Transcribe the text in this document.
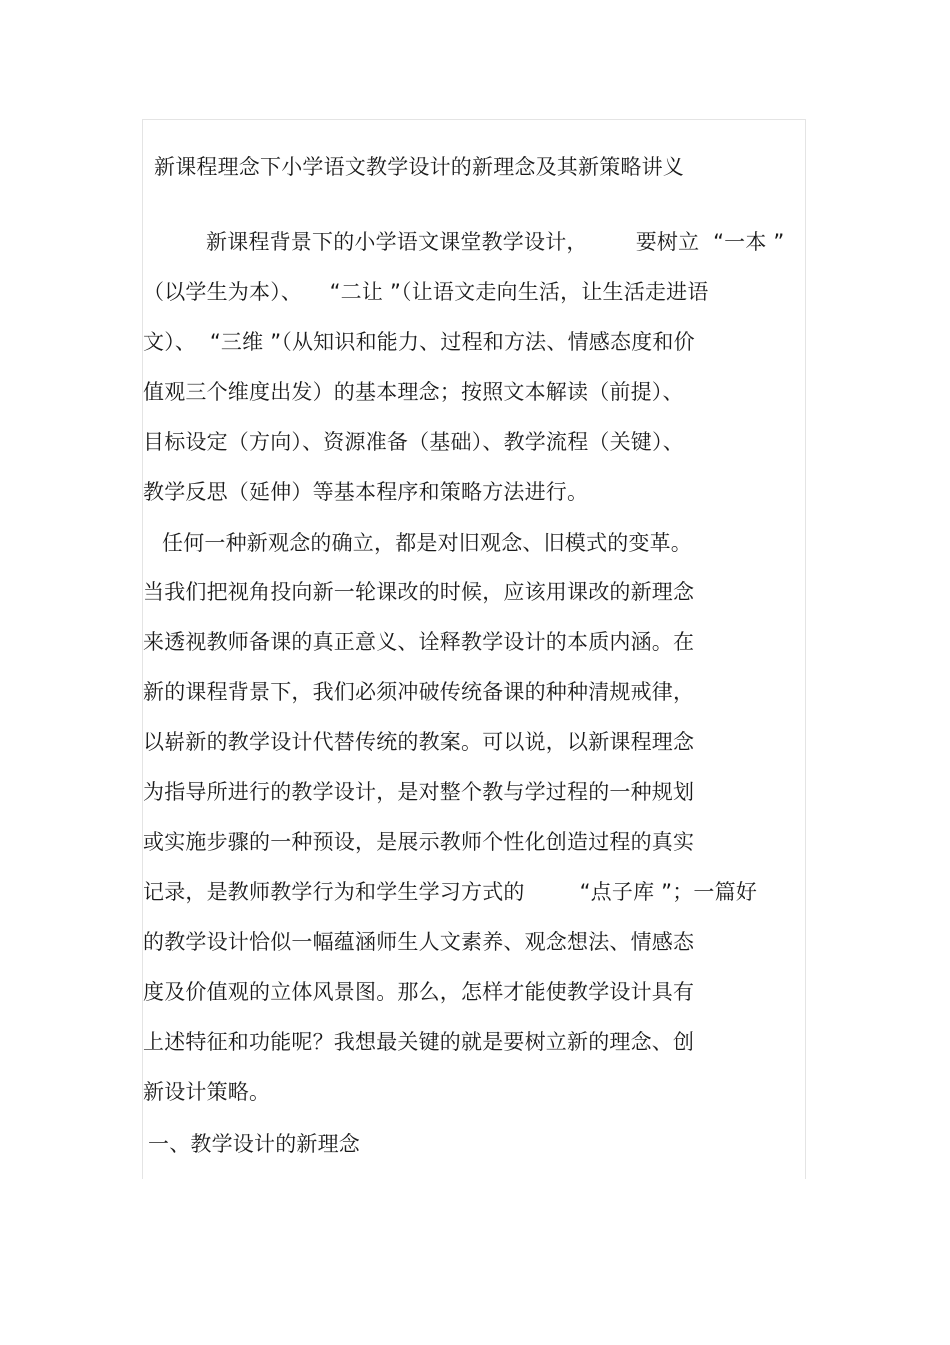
新课程理念下小学语文教学设计的新理念及其新策略讲义
新课程背景下的小学语文课堂教学设计，       要树立  “一本 ”
（以学生为本）、    “二让 ”（让语文走向生活，让生活走进语
文）、  “三维 ”（从知识和能力、过程和方法、情感态度和价
值观三个维度出发）的基本理念；按照文本解读（前提）、
目标设定（方向）、资源准备（基础）、教学流程（关键）、
教学反思（延伸）等基本程序和策略方法进行。
任何一种新观念的确立，都是对旧观念、旧模式的变革。
当我们把视角投向新一轮课改的时候，应该用课改的新理念
来透视教师备课的真正意义、诠释教学设计的本质内涵。在
新的课程背景下，我们必须冲破传统备课的种种清规戒律，
以崭新的教学设计代替传统的教案。可以说，以新课程理念
为指导所进行的教学设计，是对整个教与学过程的一种规划
或实施步骤的一种预设，是展示教师个性化创造过程的真实
记录，是教师教学行为和学生学习方式的        “点子库 ”；一篇好
的教学设计恰似一幅蕴涵师生人文素养、观念想法、情感态
度及价值观的立体风景图。那么，怎样才能使教学设计具有
上述特征和功能呢？我想最关键的就是要树立新的理念、创
新设计策略。
一、教学设计的新理念
